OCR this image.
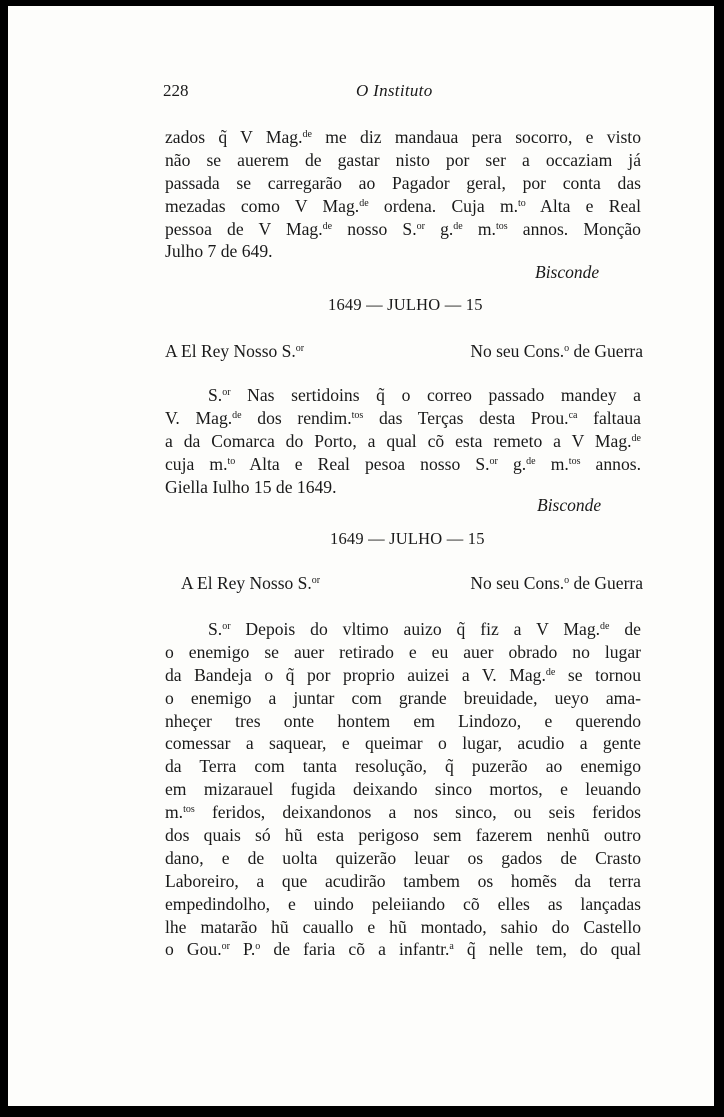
228	O Instituto
zados q̃ V Mag.$^{de}$ me diz mandaua pera socorro, e visto
não se auerem de gastar nisto por ser a occaziam já
passada se carregarão ao Pagador geral, por conta das
mezadas como V Mag.$^{de}$ ordena. Cuja m.$^{to}$ Alta e Real
pessoa de V Mag.$^{de}$ nosso S.$^{or}$ g.$^{de}$ m.$^{tos}$ annos. Monção
Julho 7 de 649.
Bisconde
1649 — JULHO — 15
A El Rey Nosso S.$^{or}$	No seu Cons.$^o$ de Guerra
S.$^{or}$ Nas sertidoins q̃ o correo passado mandey a
V. Mag.$^{de}$ dos rendim.$^{tos}$ das Terças desta Prou.$^{ca}$ faltaua
a da Comarca do Porto, a qual cõ esta remeto a V Mag.$^{de}$
cuja m.$^{to}$ Alta e Real pesoa nosso S.$^{or}$ g.$^{de}$ m.$^{tos}$ annos.
Giella Iulho 15 de 1649.
Bisconde
1649 — JULHO — 15
A El Rey Nosso S.$^{or}$	No seu Cons.$^o$ de Guerra
S.$^{or}$ Depois do vltimo auizo q̃ fiz a V Mag.$^{de}$ de
o enemigo se auer retirado e eu auer obrado no lugar
da Bandeja o q̃ por proprio auizei a V. Mag.$^{de}$ se tornou
o enemigo a juntar com grande breuidade, ueyo ama-
nheçer tres onte hontem em Lindozo, e querendo
comessar a saquear, e queimar o lugar, acudio a gente
da Terra com tanta resolução, q̃ puzerão ao enemigo
em mizarauel fugida deixando sinco mortos, e leuando
m.$^{tos}$ feridos, deixandonos a nos sinco, ou seis feridos
dos quais só hũ esta perigoso sem fazerem nenhũ outro
dano, e de uolta quizerão leuar os gados de Crasto
Laboreiro, a que acudirão tambem os homẽs da terra
empedindolho, e uindo peleiiando cõ elles as lançadas
lhe matarão hũ cauallo e hũ montado, sahio do Castello
o Gou.$^{or}$ P.$^o$ de faria cõ a infantr.$^a$ q̃ nelle tem, do qual
